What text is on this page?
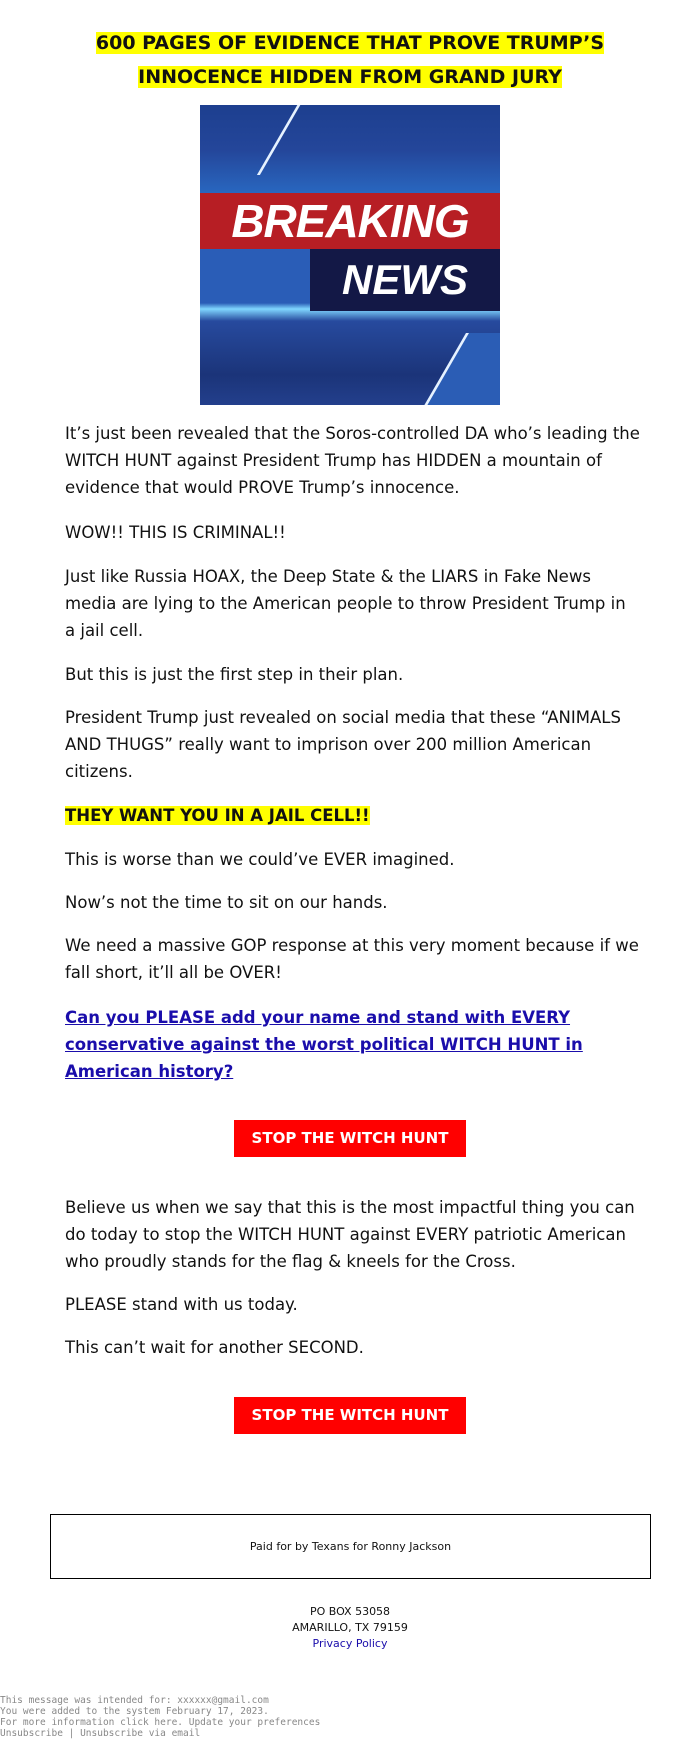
600 PAGES OF EVIDENCE THAT PROVE TRUMP’S
INNOCENCE HIDDEN FROM GRAND JURY
BREAKING
NEWS
It’s just been revealed that the Soros-controlled DA who’s leading the WITCH HUNT against President Trump has HIDDEN a mountain of evidence that would PROVE Trump’s innocence.
WOW!! THIS IS CRIMINAL!!
Just like Russia HOAX, the Deep State & the LIARS in Fake News media are lying to the American people to throw President Trump in a jail cell.
But this is just the first step in their plan.
President Trump just revealed on social media that these “ANIMALS AND THUGS” really want to imprison over 200 million American citizens.
THEY WANT YOU IN A JAIL CELL!!
This is worse than we could’ve EVER imagined.
Now’s not the time to sit on our hands.
We need a massive GOP response at this very moment because if we fall short, it’ll all be OVER!
Can you PLEASE add your name and stand with EVERY conservative against the worst political WITCH HUNT in American history?
STOP THE WITCH HUNT
Believe us when we say that this is the most impactful thing you can do today to stop the WITCH HUNT against EVERY patriotic American who proudly stands for the flag & kneels for the Cross.
PLEASE stand with us today.
This can’t wait for another SECOND.
STOP THE WITCH HUNT
Paid for by Texans for Ronny Jackson
PO BOX 53058
AMARILLO, TX 79159
Privacy Policy
This message was intended for: xxxxxx@gmail.com
You were added to the system February 17, 2023.
For more information click here. Update your preferences
Unsubscribe | Unsubscribe via email
